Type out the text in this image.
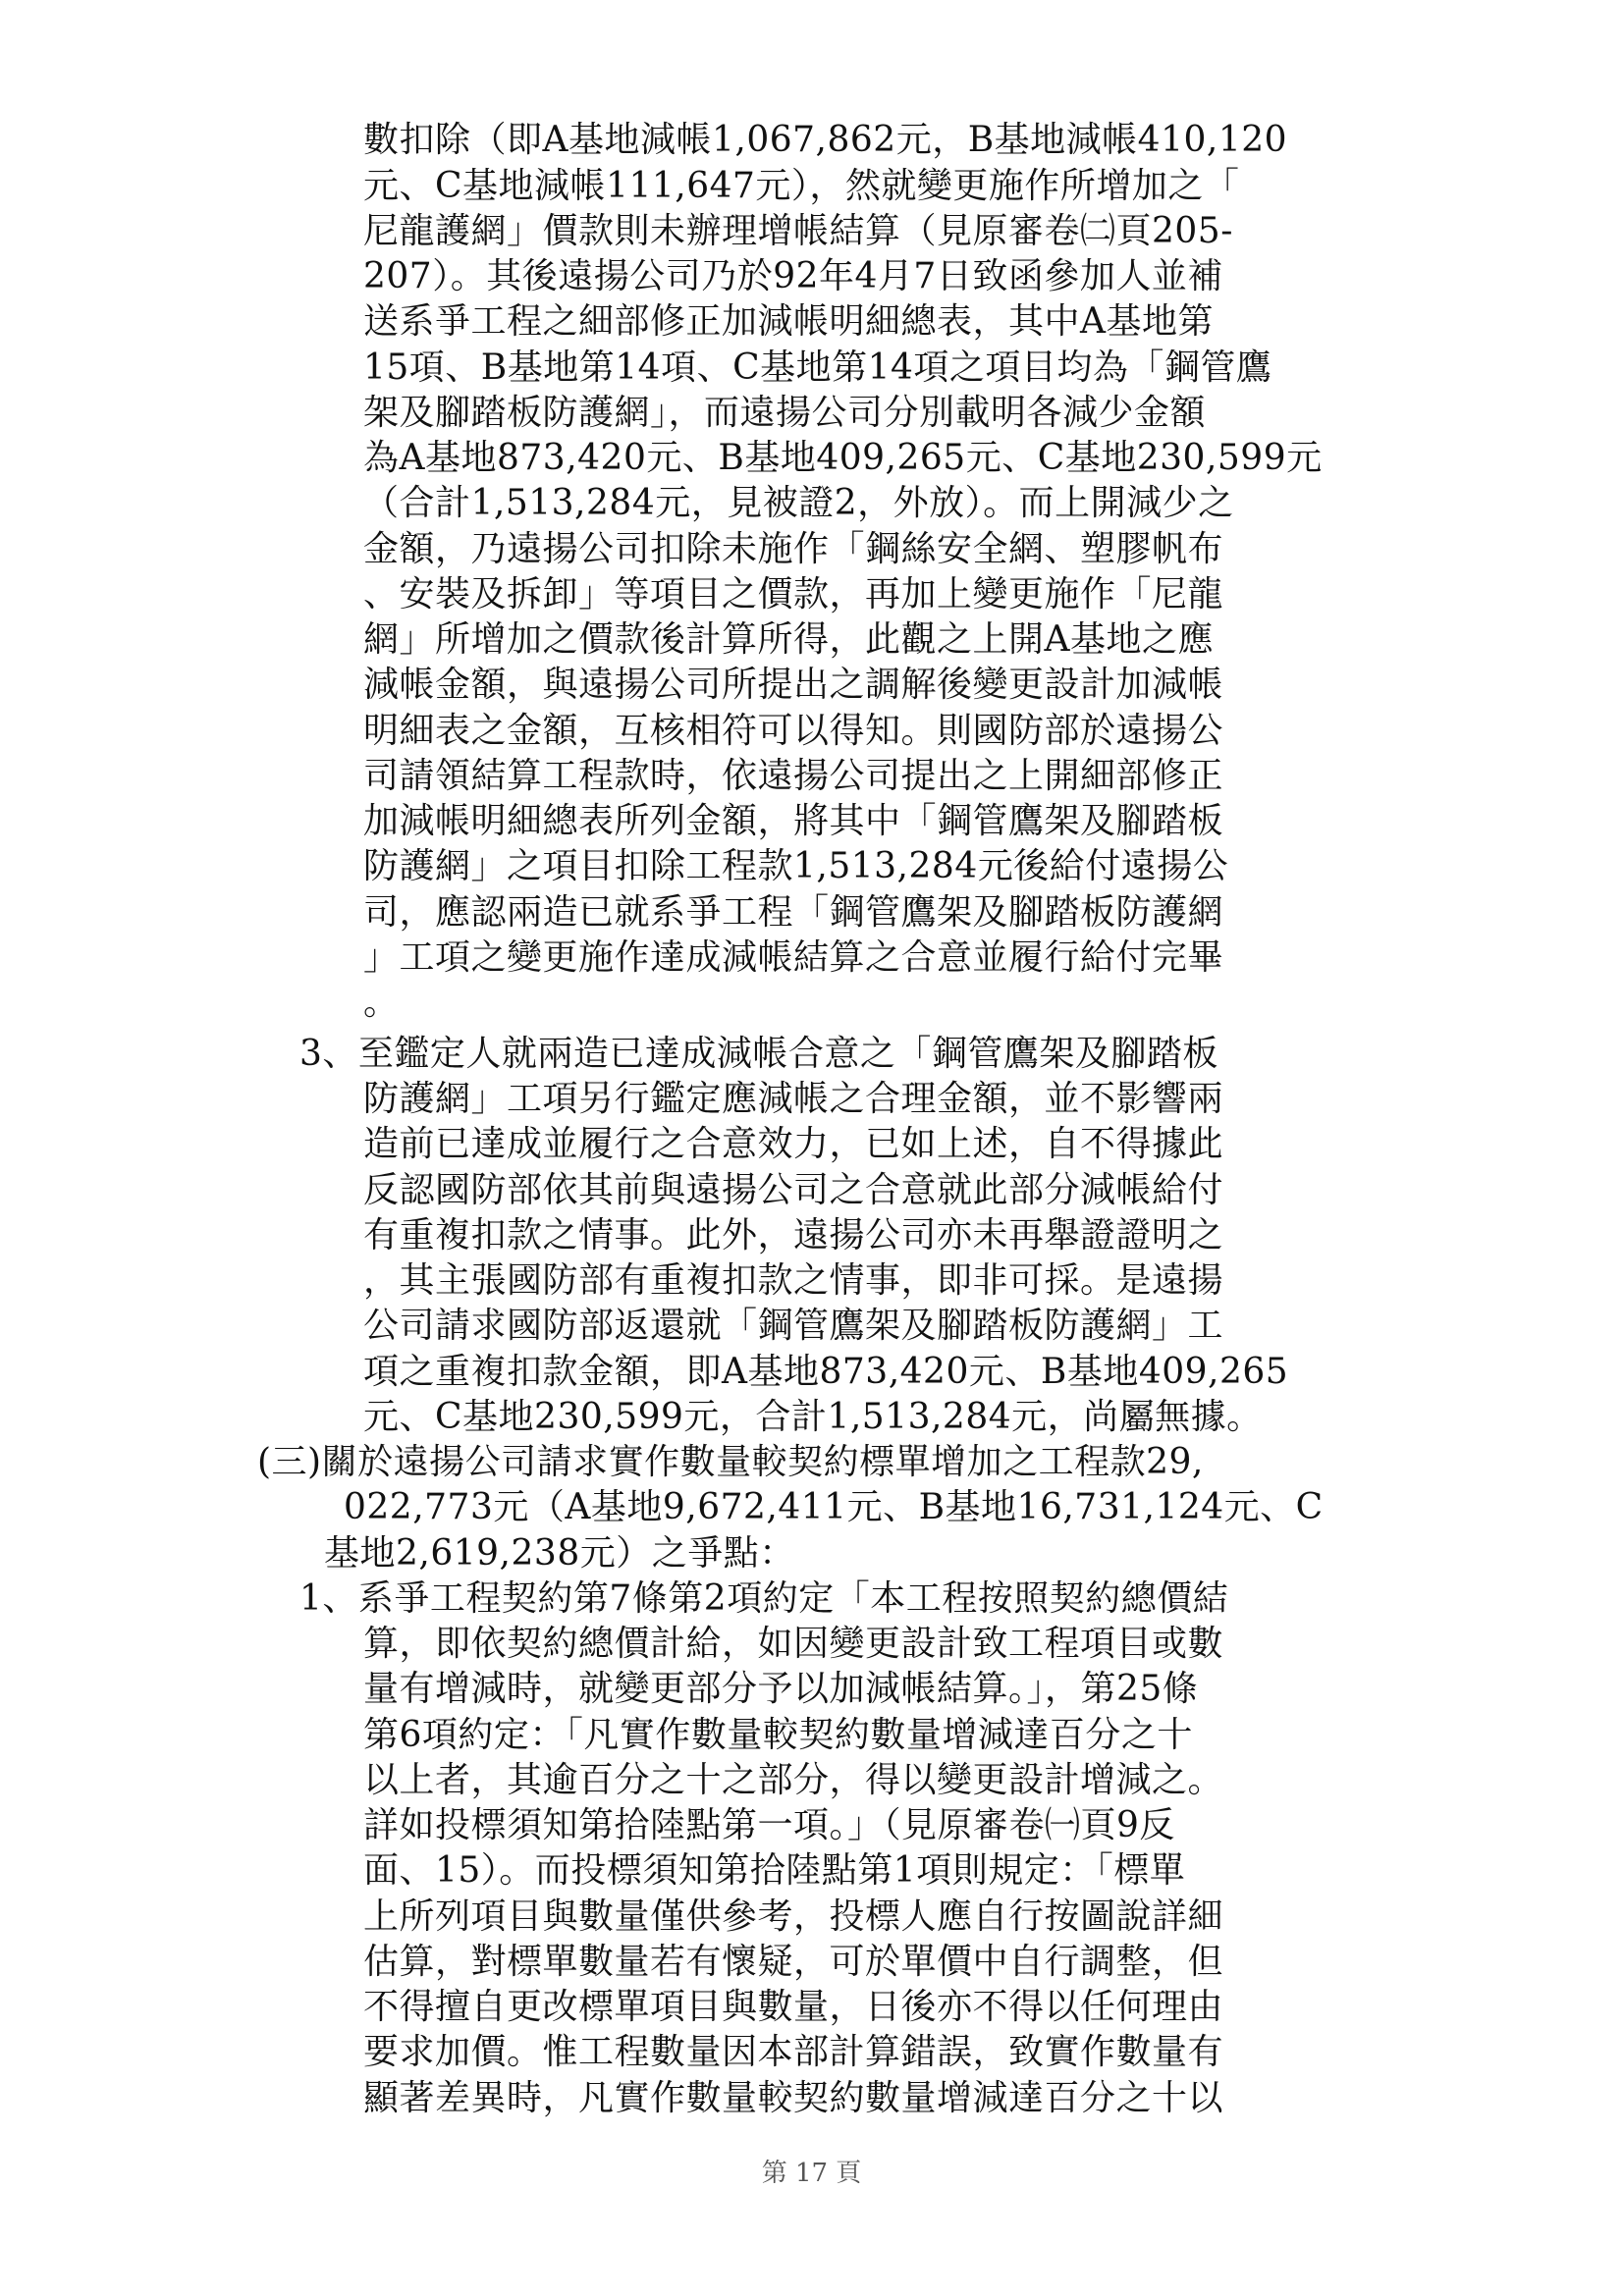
數扣除（即A基地減帳1,067,862元，B基地減帳410,120
元、C基地減帳111,647元），然就變更施作所增加之「
尼龍護網」價款則未辦理增帳結算（見原審卷㈡頁205-
207）。其後遠揚公司乃於92年4月7日致函參加人並補
送系爭工程之細部修正加減帳明細總表，其中A基地第
15項、B基地第14項、C基地第14項之項目均為「鋼管鷹
架及腳踏板防護網」，而遠揚公司分別載明各減少金額
為A基地873,420元、B基地409,265元、C基地230,599元
（合計1,513,284元，見被證2，外放）。而上開減少之
金額，乃遠揚公司扣除未施作「鋼絲安全網、塑膠帆布
、安裝及拆卸」等項目之價款，再加上變更施作「尼龍
網」所增加之價款後計算所得，此觀之上開A基地之應
減帳金額，與遠揚公司所提出之調解後變更設計加減帳
明細表之金額，互核相符可以得知。則國防部於遠揚公
司請領結算工程款時，依遠揚公司提出之上開細部修正
加減帳明細總表所列金額，將其中「鋼管鷹架及腳踏板
防護網」之項目扣除工程款1,513,284元後給付遠揚公
司，應認兩造已就系爭工程「鋼管鷹架及腳踏板防護網
」工項之變更施作達成減帳結算之合意並履行給付完畢
。
3、至鑑定人就兩造已達成減帳合意之「鋼管鷹架及腳踏板
防護網」工項另行鑑定應減帳之合理金額，並不影響兩
造前已達成並履行之合意效力，已如上述，自不得據此
反認國防部依其前與遠揚公司之合意就此部分減帳給付
有重複扣款之情事。此外，遠揚公司亦未再舉證證明之
，其主張國防部有重複扣款之情事，即非可採。是遠揚
公司請求國防部返還就「鋼管鷹架及腳踏板防護網」工
項之重複扣款金額，即A基地873,420元、B基地409,265
元、C基地230,599元，合計1,513,284元，尚屬無據。
(三)關於遠揚公司請求實作數量較契約標單增加之工程款29,
022,773元（A基地9,672,411元、B基地16,731,124元、C
基地2,619,238元）之爭點：
1、系爭工程契約第7條第2項約定「本工程按照契約總價結
算，即依契約總價計給，如因變更設計致工程項目或數
量有增減時，就變更部分予以加減帳結算。」，第25條
第6項約定：「凡實作數量較契約數量增減達百分之十
以上者，其逾百分之十之部分，得以變更設計增減之。
詳如投標須知第拾陸點第一項。」（見原審卷㈠頁9反
面、15）。而投標須知第拾陸點第1項則規定：「標單
上所列項目與數量僅供參考，投標人應自行按圖說詳細
估算，對標單數量若有懷疑，可於單價中自行調整，但
不得擅自更改標單項目與數量，日後亦不得以任何理由
要求加價。惟工程數量因本部計算錯誤，致實作數量有
顯著差異時，凡實作數量較契約數量增減達百分之十以
第 17 頁
